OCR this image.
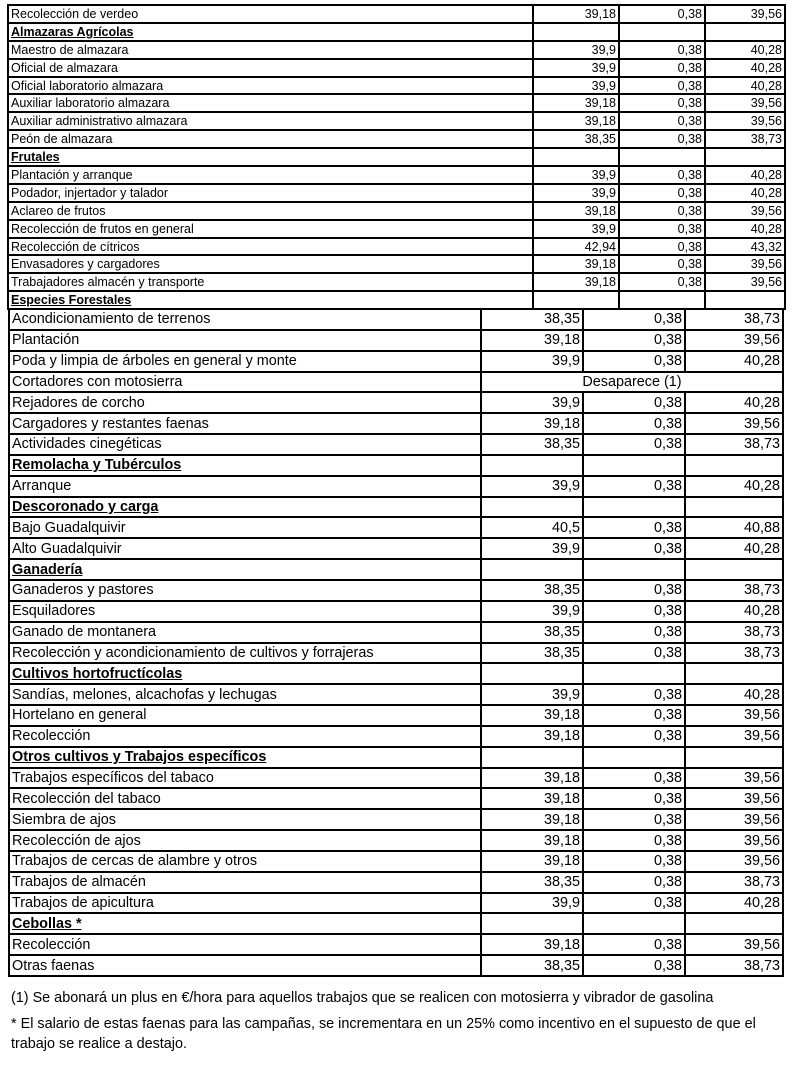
Recolección de verdeo	39,18	0,38	39,56
Almazaras Agrícolas			
Maestro de almazara	39,9	0,38	40,28
Oficial de almazara	39,9	0,38	40,28
Oficial laboratorio almazara	39,9	0,38	40,28
Auxiliar laboratorio almazara	39,18	0,38	39,56
Auxiliar administrativo almazara	39,18	0,38	39,56
Peón de almazara	38,35	0,38	38,73
Frutales			
Plantación y arranque	39,9	0,38	40,28
Podador, injertador y talador	39,9	0,38	40,28
Aclareo de frutos	39,18	0,38	39,56
Recolección de frutos en general	39,9	0,38	40,28
Recolección de cítricos	42,94	0,38	43,32
Envasadores y cargadores	39,18	0,38	39,56
Trabajadores almacén y transporte	39,18	0,38	39,56
Especies Forestales			
Acondicionamiento de terrenos	38,35	0,38	38,73
Plantación	39,18	0,38	39,56
Poda y limpia de árboles en general y monte	39,9	0,38	40,28
Cortadores con motosierra	Desaparece (1)		
Rejadores de corcho	39,9	0,38	40,28
Cargadores y restantes faenas	39,18	0,38	39,56
Actividades cinegéticas	38,35	0,38	38,73
Remolacha y Tubérculos			
Arranque	39,9	0,38	40,28
Descoronado y carga			
Bajo Guadalquivir	40,5	0,38	40,88
Alto Guadalquivir	39,9	0,38	40,28
Ganadería			
Ganaderos y pastores	38,35	0,38	38,73
Esquiladores	39,9	0,38	40,28
Ganado de montanera	38,35	0,38	38,73
Recolección y acondicionamiento de cultivos y forrajeras	38,35	0,38	38,73
Cultivos hortofructícolas			
Sandías, melones, alcachofas y lechugas	39,9	0,38	40,28
Hortelano en general	39,18	0,38	39,56
Recolección	39,18	0,38	39,56
Otros cultivos y Trabajos específicos			
Trabajos específicos del tabaco	39,18	0,38	39,56
Recolección del tabaco	39,18	0,38	39,56
Siembra de ajos	39,18	0,38	39,56
Recolección de ajos	39,18	0,38	39,56
Trabajos de cercas de alambre y otros	39,18	0,38	39,56
Trabajos de almacén	38,35	0,38	38,73
Trabajos de apicultura	39,9	0,38	40,28
Cebollas *			
Recolección	39,18	0,38	39,56
Otras faenas	38,35	0,38	38,73

(1) Se abonará un plus en €/hora para aquellos trabajos que se realicen con motosierra y vibrador de gasolina

* El salario de estas faenas para las campañas, se incrementara en un 25% como incentivo en el supuesto de que el trabajo se realice a destajo.
